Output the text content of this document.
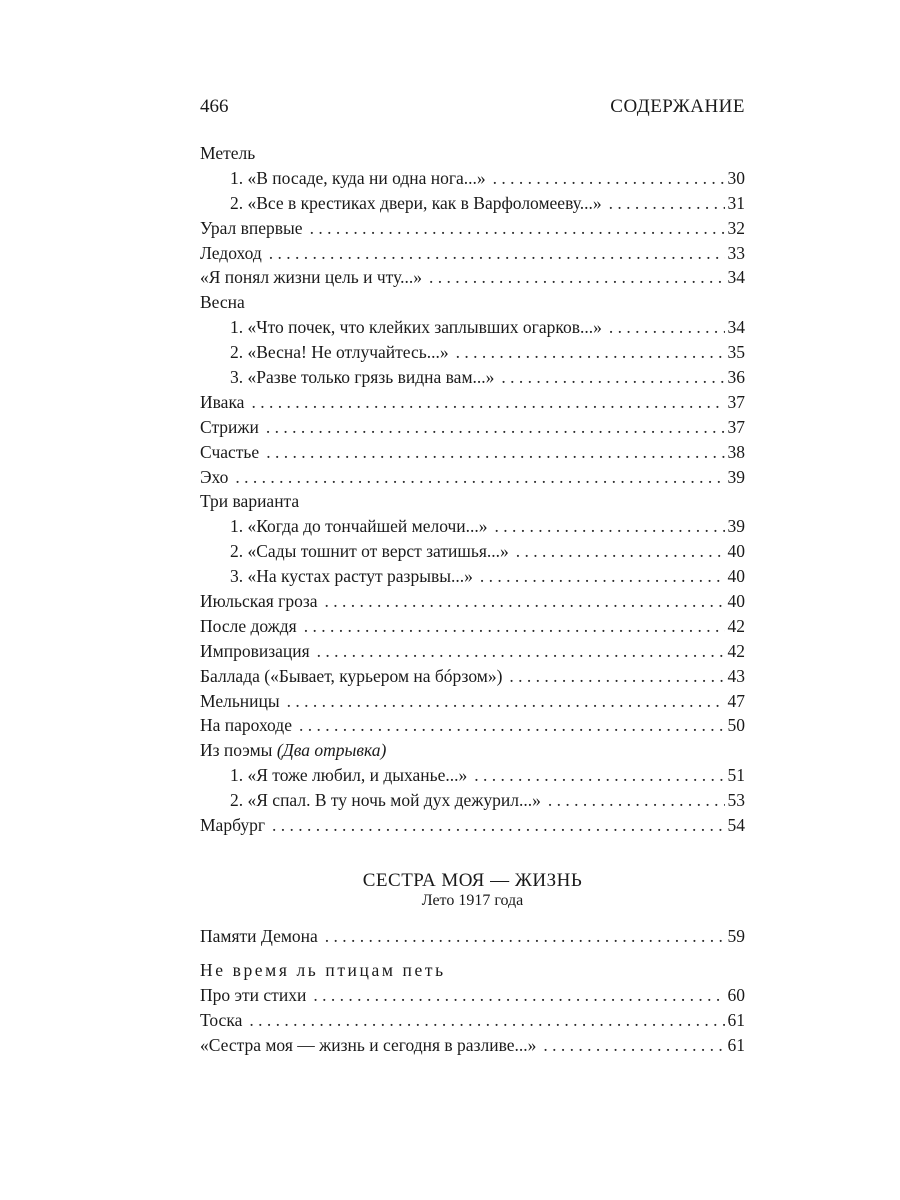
466	СОДЕРЖАНИЕ
Метель
1. «В посаде, куда ни одна нога...» . . .	30
2. «Все в крестиках двери, как в Варфоломееву...» . . .	31
Урал впервые . . .	32
Ледоход . . .	33
«Я понял жизни цель и чту...» . . .	34
Весна
1. «Что почек, что клейких заплывших огарков...» . . .	34
2. «Весна! Не отлучайтесь...» . . .	35
3. «Разве только грязь видна вам...» . . .	36
Ивака . . .	37
Стрижи . . .	37
Счастье . . .	38
Эхо . . .	39
Три варианта
1. «Когда до тончайшей мелочи...» . . .	39
2. «Сады тошнит от верст затишья...» . . .	40
3. «На кустах растут разрывы...» . . .	40
Июльская гроза . . .	40
После дождя . . .	42
Импровизация . . .	42
Баллада («Бывает, курьером на бóрзом») . . .	43
Мельницы . . .	47
На пароходе . . .	50
Из поэмы (Два отрывка)
1. «Я тоже любил, и дыханье...» . . .	51
2. «Я спал. В ту ночь мой дух дежурил...» . . .	53
Марбург . . .	54
СЕСТРА МОЯ — ЖИЗНЬ
Лето 1917 года
Памяти Демона . . .	59
Не время ль птицам петь
Про эти стихи . . .	60
Тоска . . .	61
«Сестра моя — жизнь и сегодня в разливе...» . . .	61
